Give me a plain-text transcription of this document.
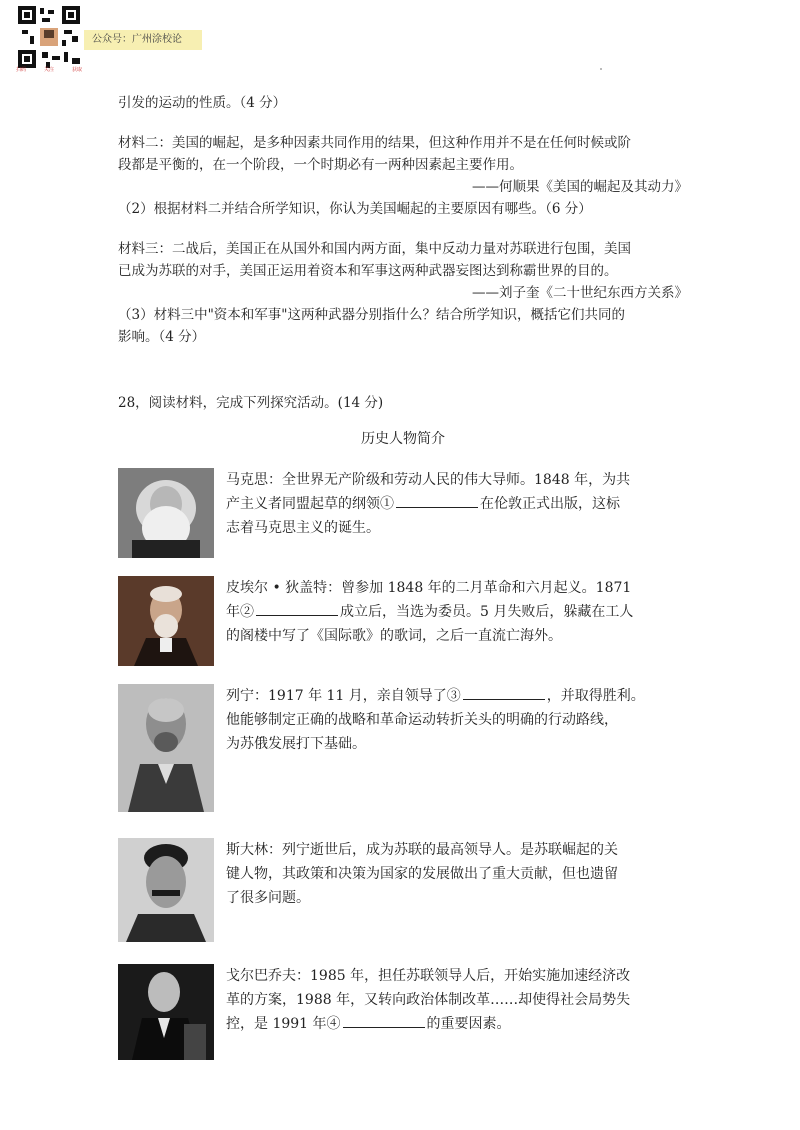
扫码	关注	获取
公众号：广州涂校论
引发的运动的性质。（4 分）
材料二：美国的崛起，是多种因素共同作用的结果，但这种作用并不是在任何时候或阶
段都是平衡的，在一个阶段，一个时期必有一两种因素起主要作用。
——何顺果《美国的崛起及其动力》
（2）根据材料二并结合所学知识，你认为美国崛起的主要原因有哪些。（6 分）
材料三：二战后，美国正在从国外和国内两方面，集中反动力量对苏联进行包围，美国
已成为苏联的对手，美国正运用着资本和军事这两种武器妄图达到称霸世界的目的。
——刘子奎《二十世纪东西方关系》
（3）材料三中"资本和军事"这两种武器分别指什么？结合所学知识，概括它们共同的
影响。（4 分）
28，阅读材料，完成下列探究活动。(14 分)
历史人物简介
马克思：全世界无产阶级和劳动人民的伟大导师。1848 年，为共
产主义者同盟起草的纲领①	在伦敦正式出版，这标
志着马克思主义的诞生。
皮埃尔 • 狄盖特：曾参加 1848 年的二月革命和六月起义。1871
年②	成立后，当选为委员。5 月失败后，躲藏在工人
的阁楼中写了《国际歌》的歌词，之后一直流亡海外。
列宁：1917 年 11 月，亲自领导了③	，并取得胜利。
他能够制定正确的战略和革命运动转折关头的明确的行动路线，
为苏俄发展打下基础。
斯大林：列宁逝世后，成为苏联的最高领导人。是苏联崛起的关
键人物，其政策和决策为国家的发展做出了重大贡献，但也遗留
了很多问题。
戈尔巴乔夫：1985 年，担任苏联领导人后，开始实施加速经济改
革的方案，1988 年，又转向政治体制改革……却使得社会局势失
控，是 1991 年④	的重要因素。
